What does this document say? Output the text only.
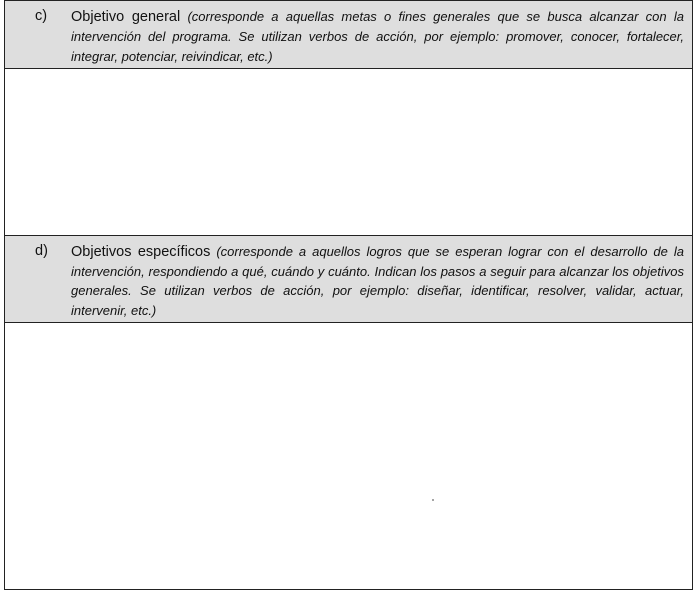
c) Objetivo general (corresponde a aquellas metas o fines generales que se busca alcanzar con la intervención del programa. Se utilizan verbos de acción, por ejemplo: promover, conocer, fortalecer, integrar, potenciar, reivindicar, etc.)
d) Objetivos específicos (corresponde a aquellos logros que se esperan lograr con el desarrollo de la intervención, respondiendo a qué, cuándo y cuánto. Indican los pasos a seguir para alcanzar los objetivos generales. Se utilizan verbos de acción, por ejemplo: diseñar, identificar, resolver, validar, actuar, intervenir, etc.)
